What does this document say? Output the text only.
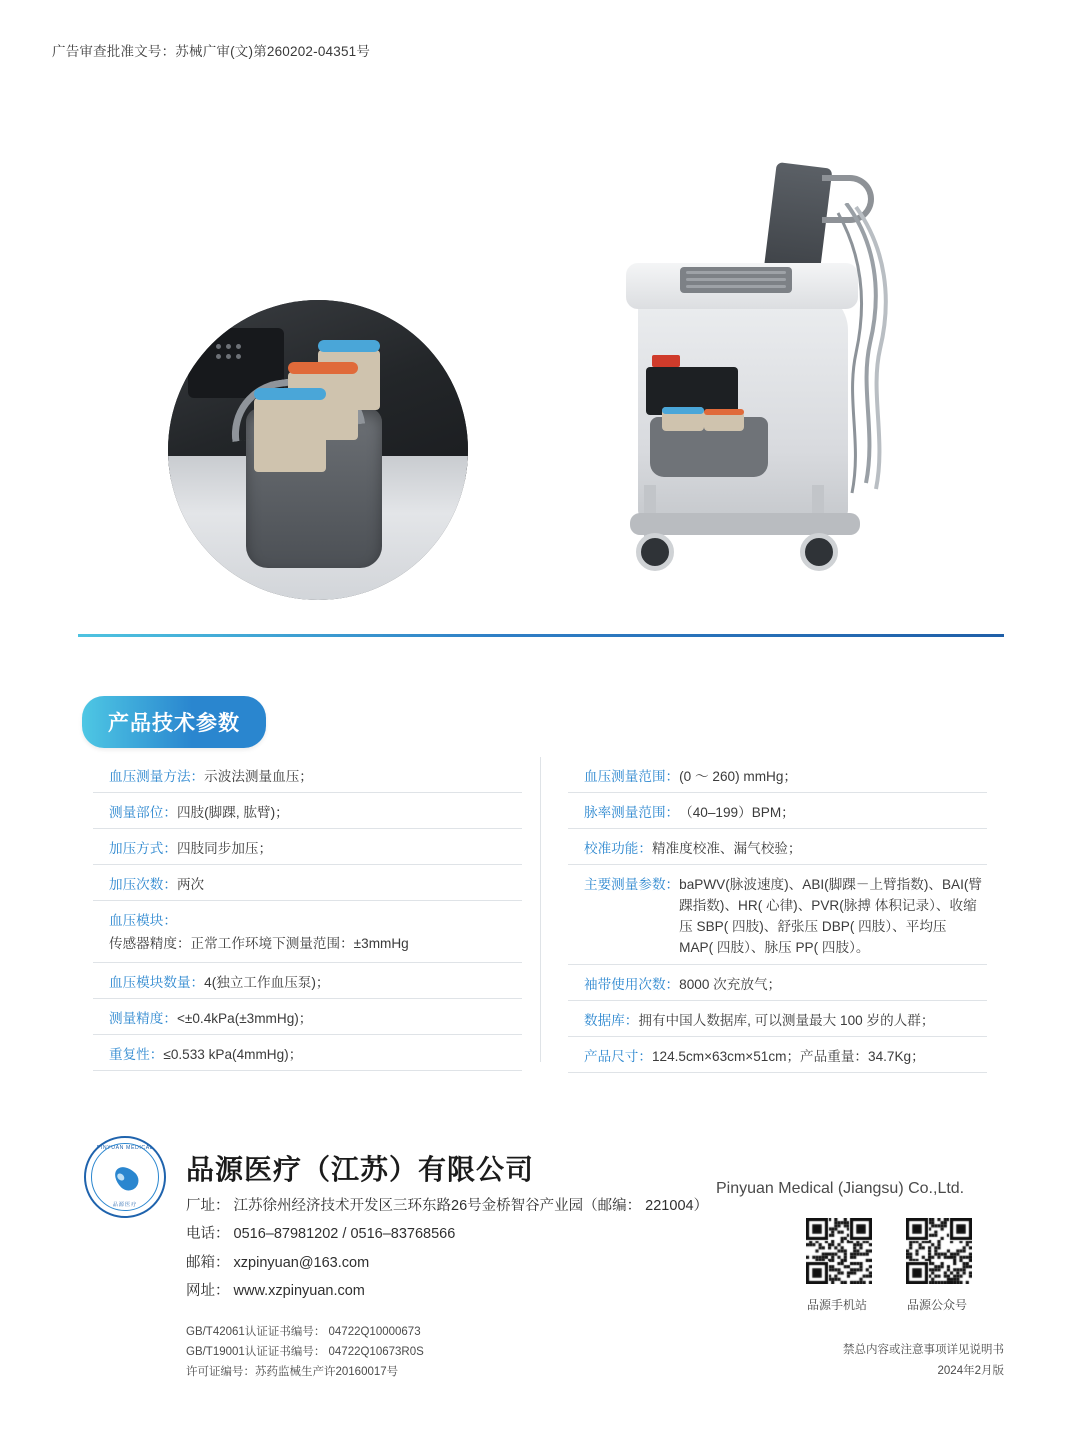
广告审查批准文号：苏械广审(文)第260202-04351号
产品技术参数
血压测量方法： 示波法测量血压；
测量部位： 四肢(脚踝, 肱臂)；
加压方式： 四肢同步加压；
加压次数： 两次
血压模块：
传感器精度：正常工作环境下测量范围：±3mmHg
血压模块数量： 4(独立工作血压泵)；
测量精度： <±0.4kPa(±3mmHg)；
重复性： ≤0.533 kPa(4mmHg)；
血压测量范围： (0 ～ 260) mmHg；
脉率测量范围： （40–199）BPM；
校准功能： 精准度校准、漏气校验；
主要测量参数： baPWV(脉波速度)、ABI(脚踝－上臂指数)、BAI(臂踝指数)、HR( 心律)、PVR(脉搏 体积记录）、收缩压 SBP( 四肢)、舒张压 DBP( 四肢）、平均压 MAP( 四肢）、脉压 PP( 四肢）。
袖带使用次数： 8000 次充放气；
数据库： 拥有中国人数据库, 可以测量最大 100 岁的人群；
产品尺寸： 124.5cm×63cm×51cm；产品重量：34.7Kg；
PINYUAN MEDICAL
品源医疗
品源医疗（江苏）有限公司
Pinyuan Medical (Jiangsu) Co.,Ltd.
厂址： 江苏徐州经济技术开发区三环东路26号金桥智谷产业园（邮编： 221004）
电话： 0516–87981202 / 0516–83768566
邮箱： xzpinyuan@163.com
网址： www.xzpinyuan.com
GB/T42061认证证书编号： 04722Q10000673
GB/T19001认证证书编号： 04722Q10673R0S
许可证编号：苏药监械生产许20160017号
品源手机站	品源公众号
禁总内容或注意事项详见说明书
2024年2月版
